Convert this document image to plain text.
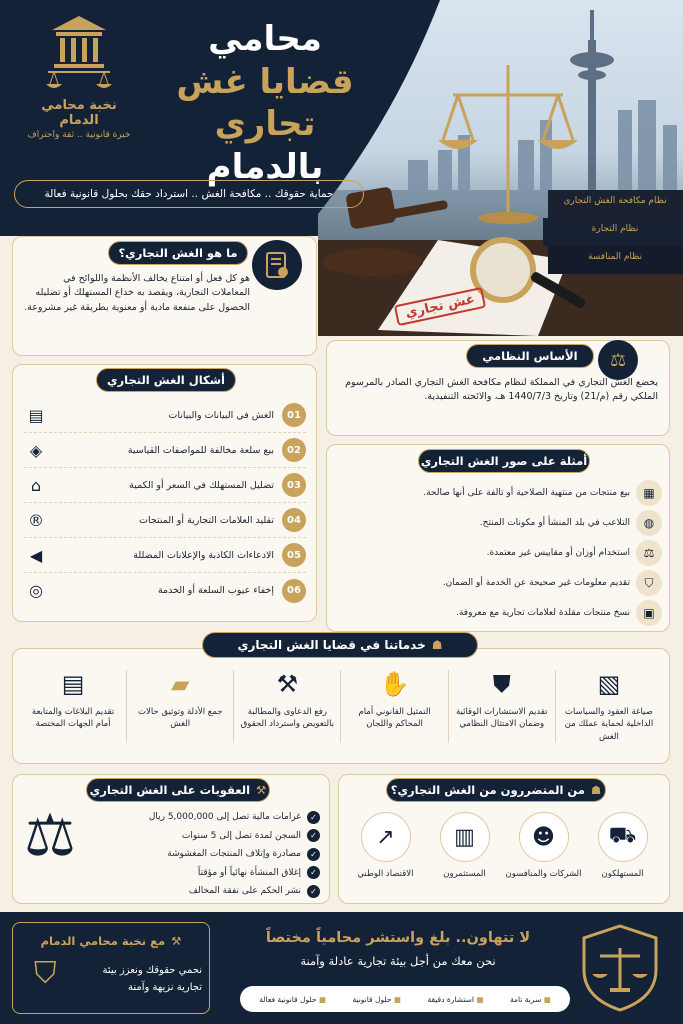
نظام مكافحة الغش التجاري
نظام التجارة
نظام المنافسة
غش تجاري
نخبة محامي الدمام
خبرة قانونية .. ثقة واحتراف
محامي
قضايا غش تجاري
بالدمام
حماية حقوقك .. مكافحة الغش .. استرداد حقك بحلول قانونية فعالة
ما هو الغش التجاري؟
هو كل فعل أو امتناع يخالف الأنظمة واللوائح في المعاملات التجارية، ويقصد به خداع المستهلك أو تضليله الحصول على منفعة مادية أو معنوية بطريقة غير مشروعة.
أشكال الغش التجاري
01
الغش في البيانات والبيانات
▤
02
بيع سلعة مخالفة للمواصفات القياسية
◈
03
تضليل المستهلك في السعر أو الكمية
⌂
04
تقليد العلامات التجارية أو المنتجات
®
05
الادعاءات الكاذبة والإعلانات المضللة
◀
06
إخفاء عيوب السلعة أو الخدمة
◎
الأساس النظامي	⚖
يخضع الغش التجاري في المملكة لنظام مكافحة الغش التجاري الصادر بالمرسوم الملكي رقم (م/21) وتاريخ 1440/7/3 هـ، والائحته التنفيذية.
أمثلة على صور الغش التجاري
▦
بيع منتجات من منتهية الصلاحية أو تالفة على أنها صالحة.
◍
التلاعب في بلد المنشأ أو مكونات المنتج.
⚖
استخدام أوزان أو مقاييس غير معتمدة.
⛉
تقديم معلومات غير صحيحة عن الخدمة أو الضمان.
▣
نسخ منتجات مقلدة لعلامات تجارية مع معروفة.
☗
خدماتنا في قضايا الغش التجاري
▧
صياغة العقود والسياسات الداخلية لحماية عملك من الغش
⛊
تقديم الاستشارات الوقائية وضمان الامتثال النظامي
✋
التمثيل القانوني أمام المحاكم واللجان
⚒
رفع الدعاوى والمطالبة بالتعويض واسترداد الحقوق
▰
جمع الأدلة وتوثيق حالات الغش
▤
تقديم البلاغات والمتابعة أمام الجهات المختصة
☗
من المتضررون من الغش التجاري؟
⛟
المستهلكون
☻
الشركات والمنافسون
▥
المستثمرون
↗
الاقتصاد الوطني
⚒
العقوبات على الغش التجاري
⚖	✓
غرامات مالية تصل إلى 5,000,000 ريال
✓
السجن لمدة تصل إلى 5 سنوات
✓
مصادرة وإتلاف المنتجات المغشوشة
✓
إغلاق المنشأة نهائياً أو مؤقتاً
✓
نشر الحكم على نفقة المخالف
لا تتهاون.. بلغ واستشر محامياً مختصاً
نحن معك من أجل بيئة تجارية عادلة وآمنة
■ سرية تامة
■ استشارة دقيقة
■ حلول قانونية
■ حلول قانونية فعالة
⚒
مع نخبة محامي الدمام
⛉	نحمي حقوقك ونعزز بيئة
تجارية نزيهة وآمنة
